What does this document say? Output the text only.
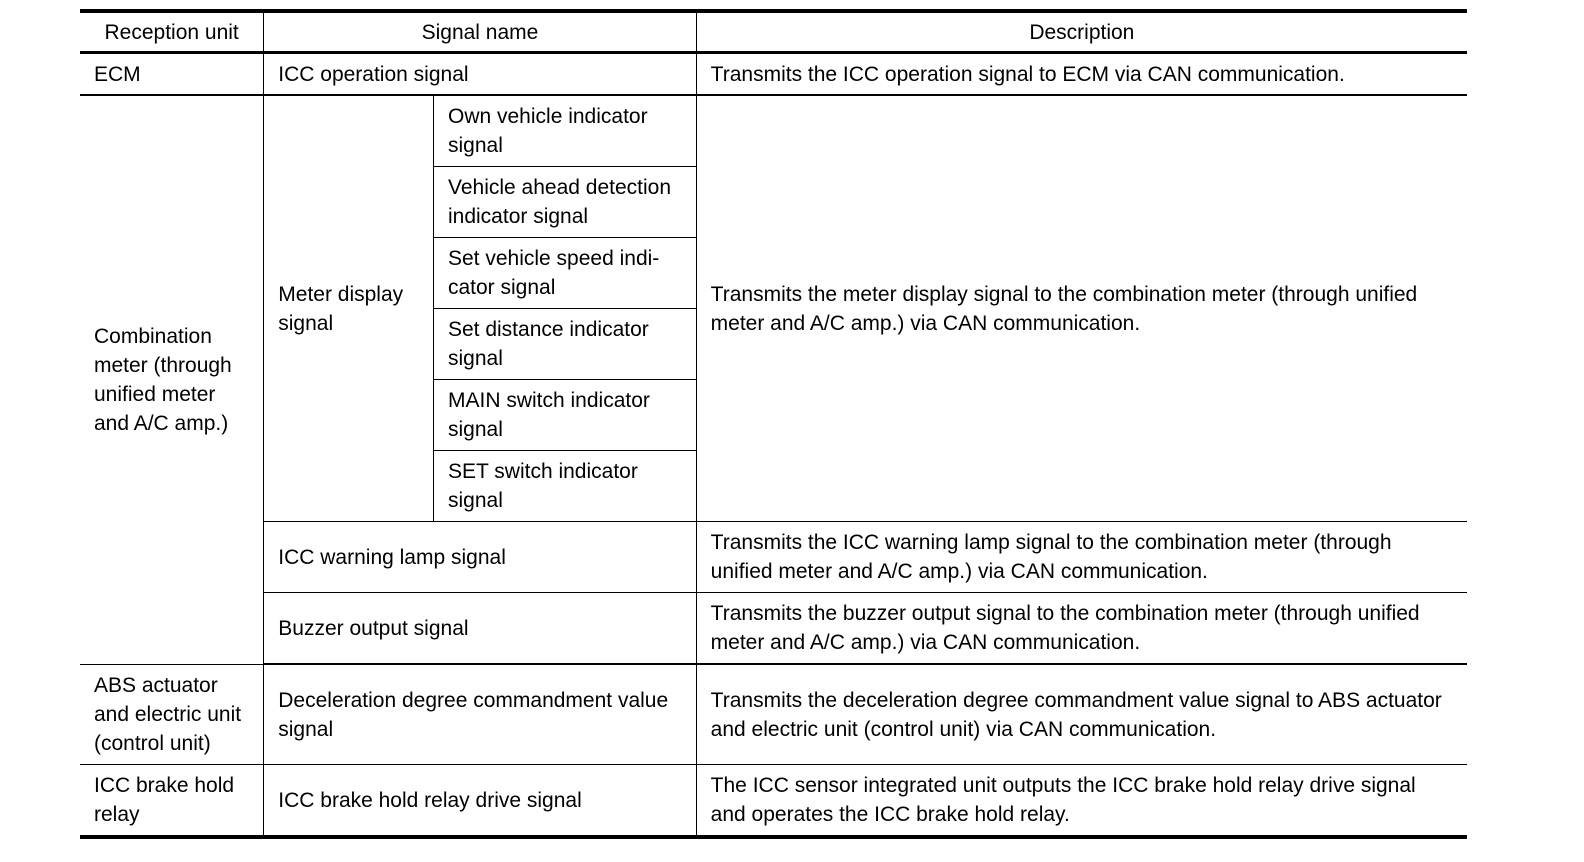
Reception unit	Signal name		Description
ECM	ICC operation signal		Transmits the ICC operation signal to ECM via CAN communication.
Combination meter (through unified meter and A/C amp.)	Meter display signal	Own vehicle indicator signal	Transmits the meter display signal to the combination meter (through unified meter and A/C amp.) via CAN communication.
		Vehicle ahead detection indicator signal	
		Set vehicle speed indi-cator signal	
		Set distance indicator signal	
		MAIN switch indicator signal	
		SET switch indicator signal	
	ICC warning lamp signal		Transmits the ICC warning lamp signal to the combination meter (through unified meter and A/C amp.) via CAN communication.
	Buzzer output signal		Transmits the buzzer output signal to the combination meter (through unified meter and A/C amp.) via CAN communication.
ABS actuator and electric unit (control unit)	Deceleration degree commandment value signal		Transmits the deceleration degree commandment value signal to ABS actuator and electric unit (control unit) via CAN communication.
ICC brake hold relay	ICC brake hold relay drive signal		The ICC sensor integrated unit outputs the ICC brake hold relay drive signal and operates the ICC brake hold relay.
